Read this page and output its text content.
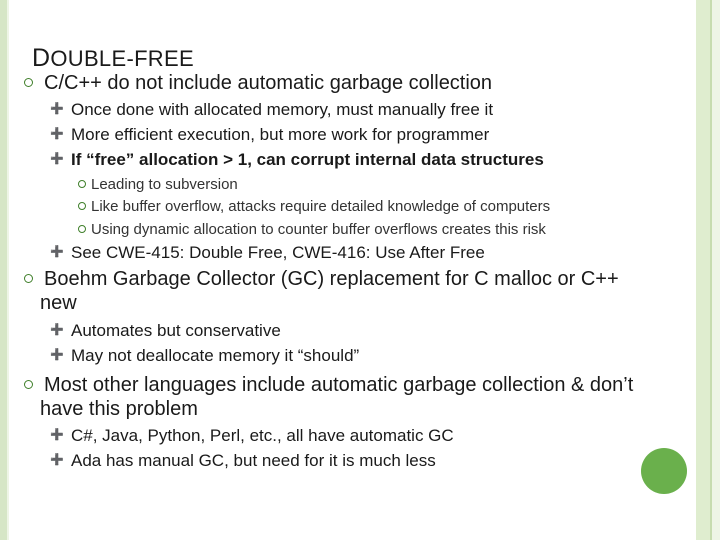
DOUBLE-FREE
C/C++ do not include automatic garbage collection
➕ Once done with allocated memory, must manually free it
➕ More efficient execution, but more work for programmer
➕ If “free” allocation > 1, can corrupt internal data structures
Leading to subversion
Like buffer overflow, attacks require detailed knowledge of computers
Using dynamic allocation to counter buffer overflows creates this risk
➕ See CWE-415: Double Free, CWE-416: Use After Free
Boehm Garbage Collector (GC) replacement for C malloc or C++
new
➕ Automates but conservative
➕ May not deallocate memory it “should”
Most other languages include automatic garbage collection & don’t
have this problem
➕ C#, Java, Python, Perl, etc., all have automatic GC
➕ Ada has manual GC, but need for it is much less
